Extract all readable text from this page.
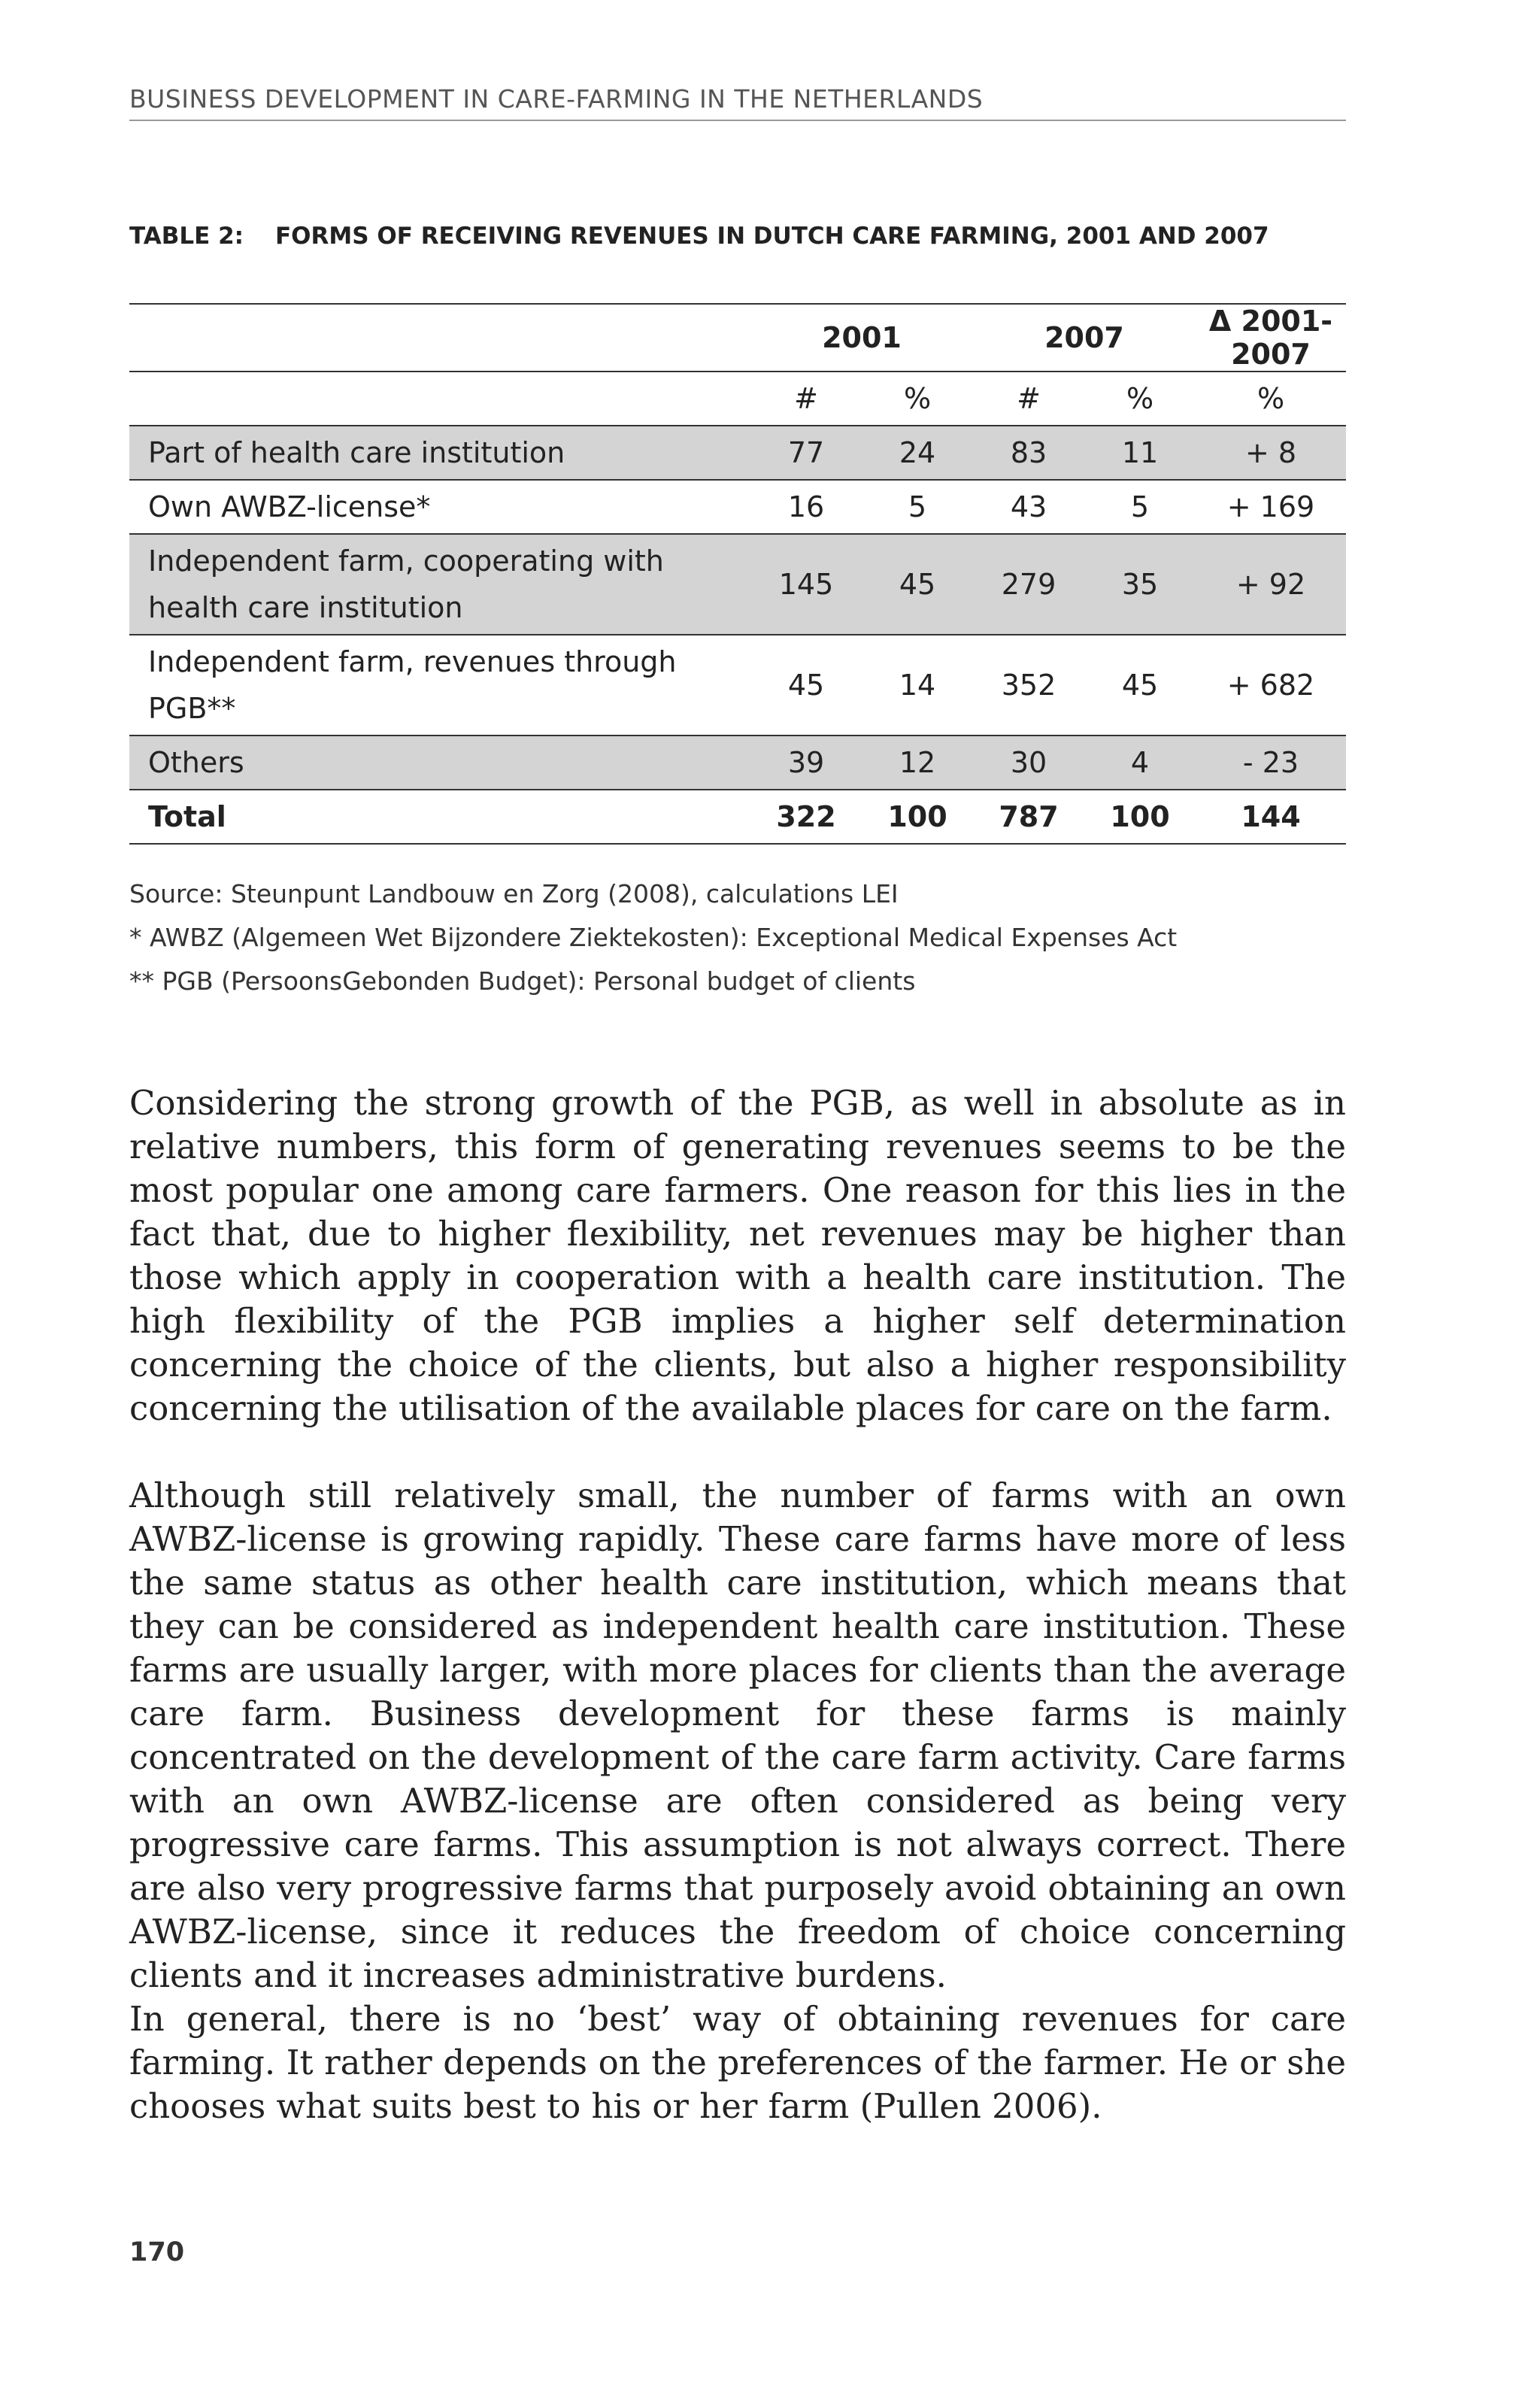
BUSINESS DEVELOPMENT IN CARE-FARMING IN THE NETHERLANDS
TABLE 2: FORMS OF RECEIVING REVENUES IN DUTCH CARE FARMING, 2001 AND 2007
	2001		2007		Δ 2001-2007
	#	%	#	%	%
Part of health care institution	77	24	83	11	+ 8
Own AWBZ-license*	16	5	43	5	+ 169

Independent farm, cooperating with
health care institution	145	45	279	35	+ 92

Independent farm, revenues through
PGB**	45	14	352	45	+ 682
Others	39	12	30	4	- 23
Total	322	100	787	100	144
Source: Steunpunt Landbouw en Zorg (2008), calculations LEI
* AWBZ (Algemeen Wet Bijzondere Ziektekosten): Exceptional Medical Expenses Act
** PGB (PersoonsGebonden Budget): Personal budget of clients

Considering the strong growth of the PGB, as well in absolute as in relative numbers, this form of generating revenues seems to be the most popular one among care farmers. One reason for this lies in the fact that, due to higher flexibility, net revenues may be higher than those which apply in cooperation with a health care institution. The high flexibility of the PGB implies a higher self determination concerning the choice of the clients, but also a higher responsibility concerning the utilisation of the available places for care on the farm.

Although still relatively small, the number of farms with an own AWBZ-license is growing rapidly. These care farms have more of less the same status as other health care institution, which means that they can be considered as independent health care institution. These farms are usually larger, with more places for clients than the average care farm. Business development for these farms is mainly concentrated on the development of the care farm activity. Care farms with an own AWBZ-license are often considered as being very progressive care farms. This assumption is not always correct. There are also very progressive farms that purposely avoid obtaining an own AWBZ-license, since it reduces the freedom of choice concerning clients and it increases administrative burdens.

In general, there is no ‘best’ way of obtaining revenues for care farming. It rather depends on the preferences of the farmer. He or she chooses what suits best to his or her farm (Pullen 2006).

170
